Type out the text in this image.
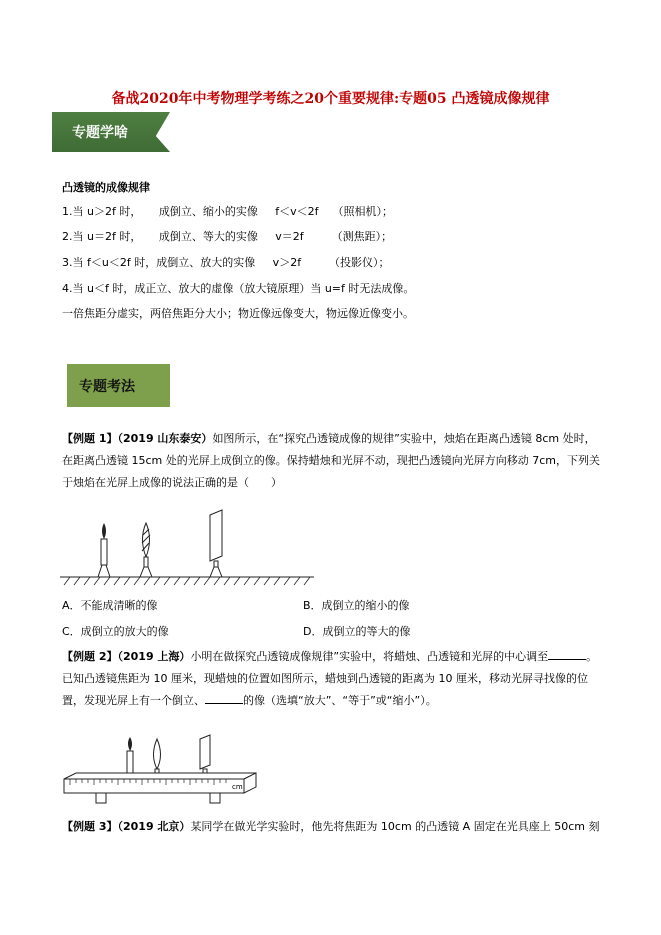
备战2020年中考物理学考练之20个重要规律:专题05 凸透镜成像规律
专题学啥
凸透镜的成像规律
1.当 u＞2f 时，     成倒立、缩小的实像     f＜v＜2f    （照相机）；
2.当 u＝2f 时，     成倒立、等大的实像     v＝2f        （测焦距）；
3.当 f＜u＜2f 时，成倒立、放大的实像     v＞2f        （投影仪）；
4.当 u＜f 时，成正立、放大的虚像（放大镜原理）当 u=f 时无法成像。
一倍焦距分虚实，两倍焦距分大小；物近像远像变大，物远像近像变小。
专题考法
【例题 1】（2019 山东泰安）如图所示，在“探究凸透镜成像的规律”实验中，烛焰在距离凸透镜 8cm 处时，在距离凸透镜 15cm 处的光屏上成倒立的像。保持蜡烛和光屏不动，现把凸透镜向光屏方向移动 7cm，下列关于烛焰在光屏上成像的说法正确的是（　　）
A．不能成清晰的像	B．成倒立的缩小的像
C．成倒立的放大的像	D．成倒立的等大的像
【例题 2】（2019 上海）小明在做探究凸透镜成像规律”实验中，将蜡烛、凸透镜和光屏的中心调至	。已知凸透镜焦距为 10 厘米，现蜡烛的位置如图所示，蜡烛到凸透镜的距离为 10 厘米，移动光屏寻找像的位置，发现光屏上有一个倒立、	的像（选填“放大”、“等于”或“缩小”）。
cm
【例题 3】（2019 北京）某同学在做光学实验时，他先将焦距为 10cm 的凸透镜 A 固定在光具座上 50cm 刻
